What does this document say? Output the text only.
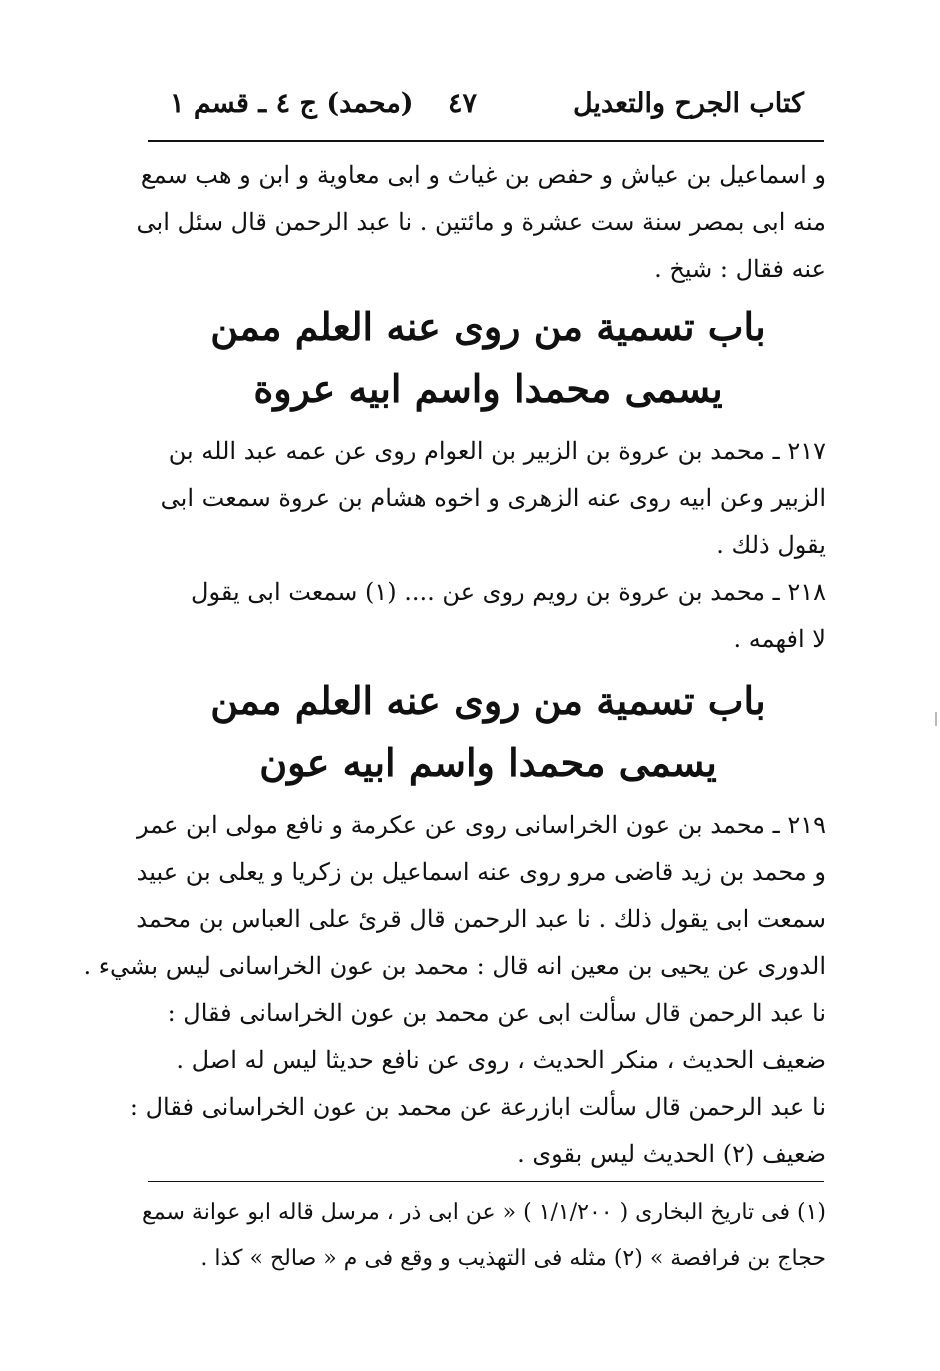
كتاب الجرح والتعديل
٤٧
(محمد) ج ٤ ـ قسم ١
و اسماعيل بن عياش و حفص بن غياث و ابى معاوية و ابن و هب سمع
منه ابى بمصر سنة ست عشرة و مائتين . نا عبد الرحمن قال سئل ابى
عنه فقال : شيخ .
باب تسمية من روى عنه العلم ممن
يسمى محمدا واسم ابيه عروة
٢١٧ ـ محمد بن عروة بن الزبير بن العوام روى عن عمه عبد الله بن
الزبير وعن ابيه روى عنه الزهرى و اخوه هشام بن عروة سمعت ابى
يقول ذلك .
٢١٨ ـ محمد بن عروة بن رويم روى عن .... (١) سمعت ابى يقول
لا افهمه .
باب تسمية من روى عنه العلم ممن
يسمى محمدا واسم ابيه عون
٢١٩ ـ محمد بن عون الخراسانى روى عن عكرمة و نافع مولى ابن عمر
و محمد بن زيد قاضى مرو روى عنه اسماعيل بن زكريا و يعلى بن عبيد
سمعت ابى يقول ذلك . نا عبد الرحمن قال قرئ على العباس بن محمد
الدورى عن يحيى بن معين انه قال : محمد بن عون الخراسانى ليس بشيء .
نا عبد الرحمن قال سألت ابى عن محمد بن عون الخراسانى فقال :
ضعيف الحديث ، منكر الحديث ، روى عن نافع حديثا ليس له اصل .
نا عبد الرحمن قال سألت ابازرعة عن محمد بن عون الخراسانى فقال :
ضعيف (٢) الحديث ليس بقوى .
(١) فى تاريخ البخارى ( ١/١/٢٠٠ ) « عن ابى ذر ، مرسل قاله ابو عوانة سمع
حجاج بن فرافصة » (٢) مثله فى التهذيب و وقع فى م « صالح » كذا .
